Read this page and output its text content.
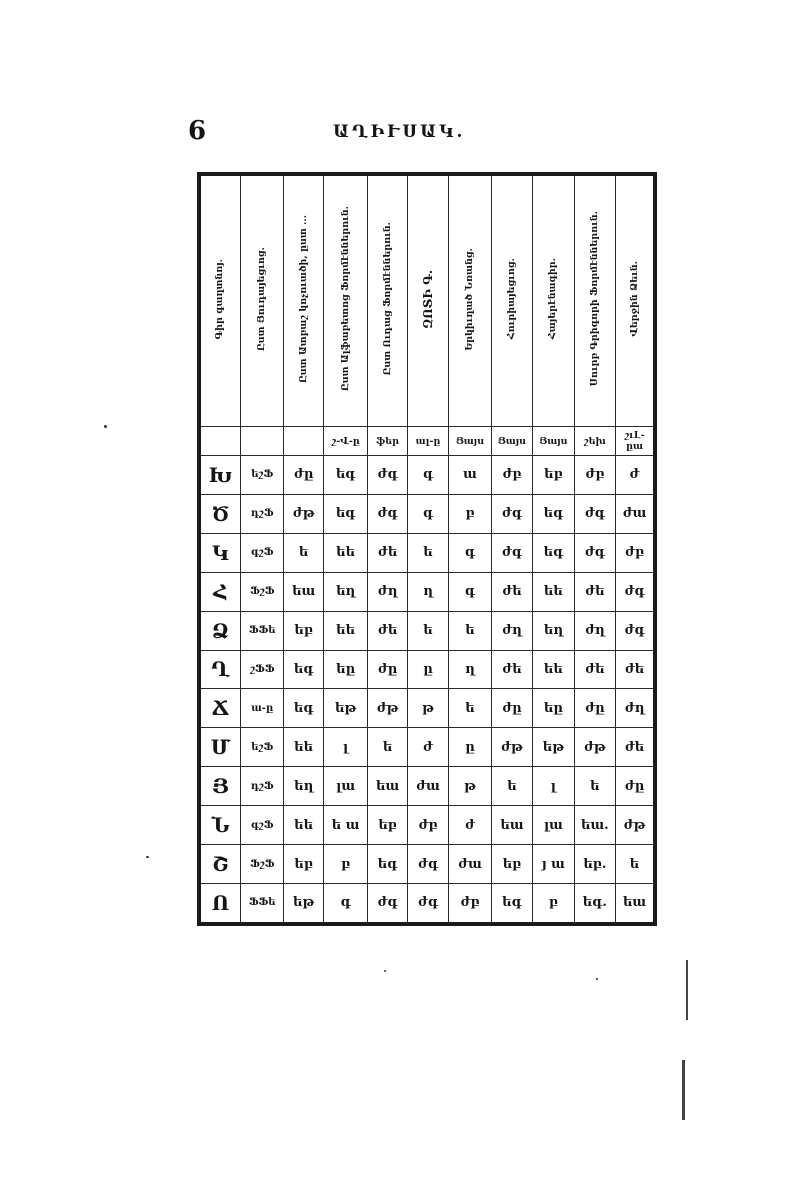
6	ԱՂԻՒՍԱԿ.
Գիր գաղտնոյ.	Ըստ Յուդայեցւոց.	Ըստ Ատբաշ կոչուածի, ըստ ․․․	Ըստ Ալֆաբետոց Ֆորմէններուն.	Ըստ Ուդաց Ֆորմէններուն.	ԶՈՏԻ Գ.	Երկիւղած Նռանց.	Հուրիայեցւոց.	Հայերէնագիր.	Սուրբ Գրիգորի Ֆորմէններուն.	Վերջին Ձեւն.
			շ-Վ-ը	ֆեր	ալ-ը	Յայս	Յայս	Յայս	շեխ	շւԼ-ըա
Խ	եշՖ	ժը	եգ	ժգ	գ	ա	ժբ	եբ	ժբ	ժ
Ծ	դշՖ	ժթ	եգ	ժգ	գ	բ	ժգ	եգ	ժգ	ժա
Կ	գշՖ	ե	եե	ժե	ե	գ	ժգ	եգ	ժգ	ժբ
Հ	ՖշՖ	եա	եղ	ժղ	ղ	գ	ժե	եե	ժե	ժգ
Ձ	ՖՖե	եբ	եե	ժե	ե	ե	ժղ	եղ	ժղ	ժգ
Ղ	շՖՖ	եգ	եը	ժը	ը	ղ	ժե	եե	ժե	ժե
Ճ	ա-ը	եգ	եթ	ժթ	թ	ե	ժը	եը	ժը	ժղ
Մ	եշՖ	եե	լ	ե	ժ	ը	ժթ	եթ	ժթ	ժե
Յ	դշՖ	եղ	լա	եա	ժա	թ	ե	լ	ե	ժը
Ն	գշՖ	եե	ե ա	եբ	ժբ	ժ	եա	լա	եա.	ժթ
Շ	ՖշՖ	եբ	բ	եգ	ժգ	ժա	եբ	յ ա	եբ.	ե
Ո	ՖՖե	եթ	գ	ժգ	ժգ	ժբ	եգ	բ	եգ.	եա
